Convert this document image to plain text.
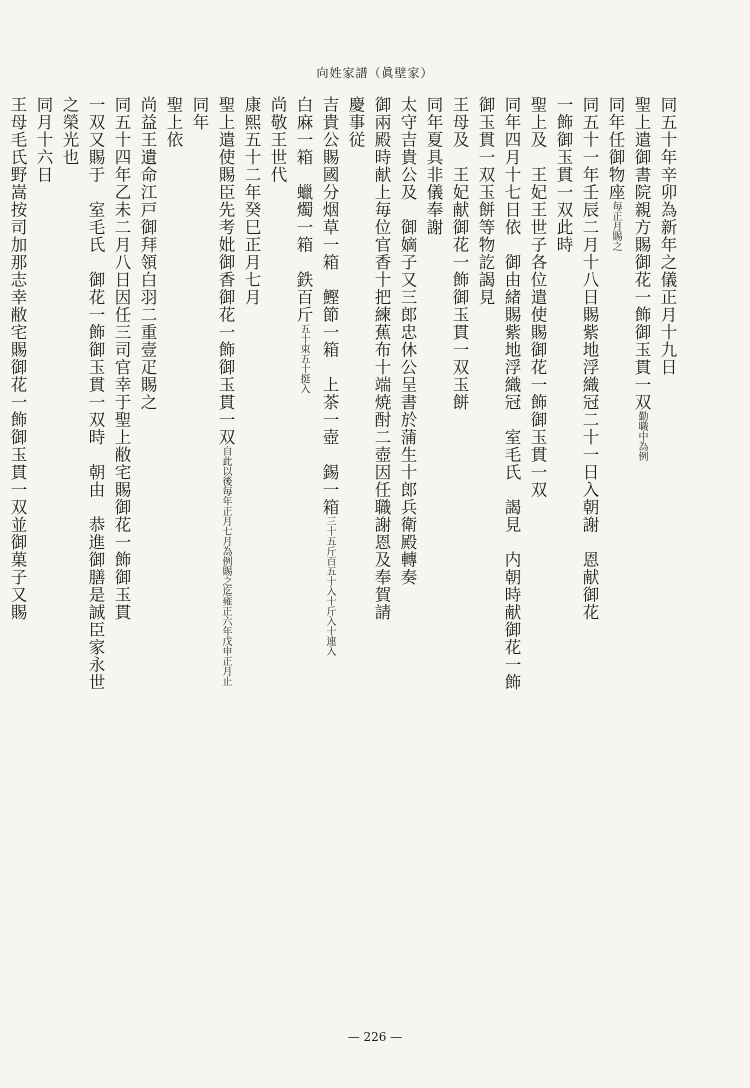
向姓家譜（眞壁家）
同五十年辛卯為新年之儀正月十九日
聖上遣御書院親方賜御花一飾御玉貫一双勤職中為例
同年任御物座毎正月賜之
同五十一年壬辰二月十八日賜紫地浮織冠二十一日入朝謝　恩献御花
一飾御玉貫一双此時
聖上及　王妃王世子各位遣使賜御花一飾御玉貫一双
同年四月十七日依　御由緒賜紫地浮織冠　室毛氏　謁見　内朝時献御花一飾
御玉貫一双玉餅等物訖謁見
王母及　王妃献御花一飾御玉貫一双玉餅
同年夏具非儀奉謝
太守吉貴公及　御嫡子又三郎忠休公呈書於蒲生十郎兵衛殿轉奏
御兩殿時献上毎位官香十把練蕉布十端焼酎二壺因任職謝恩及奉賀請
慶事従
吉貴公賜國分烟草一箱　鰹節一箱　上茶一壺　錫一箱三十五斤百五十入十斤入十連入
白麻一箱　蠟燭一箱　鉄百斤五十束五十挺入
尚敬王世代
康熙五十二年癸巳正月七月
聖上遣使賜臣先考妣御香御花一飾御玉貫一双自此以後毎年正月七月為例賜之迄雍正六年戊申正月止
同年
聖上依
尚益王遺命江戸御拜領白羽二重壹疋賜之
同五十四年乙未二月八日因任三司官幸于聖上敝宅賜御花一飾御玉貫
一双又賜于　室毛氏　御花一飾御玉貫一双時　朝由　恭進御膳是誠臣家永世
之榮光也
同月十六日
王母毛氏野嵩按司加那志幸敝宅賜御花一飾御玉貫一双並御菓子又賜
— 226 —
